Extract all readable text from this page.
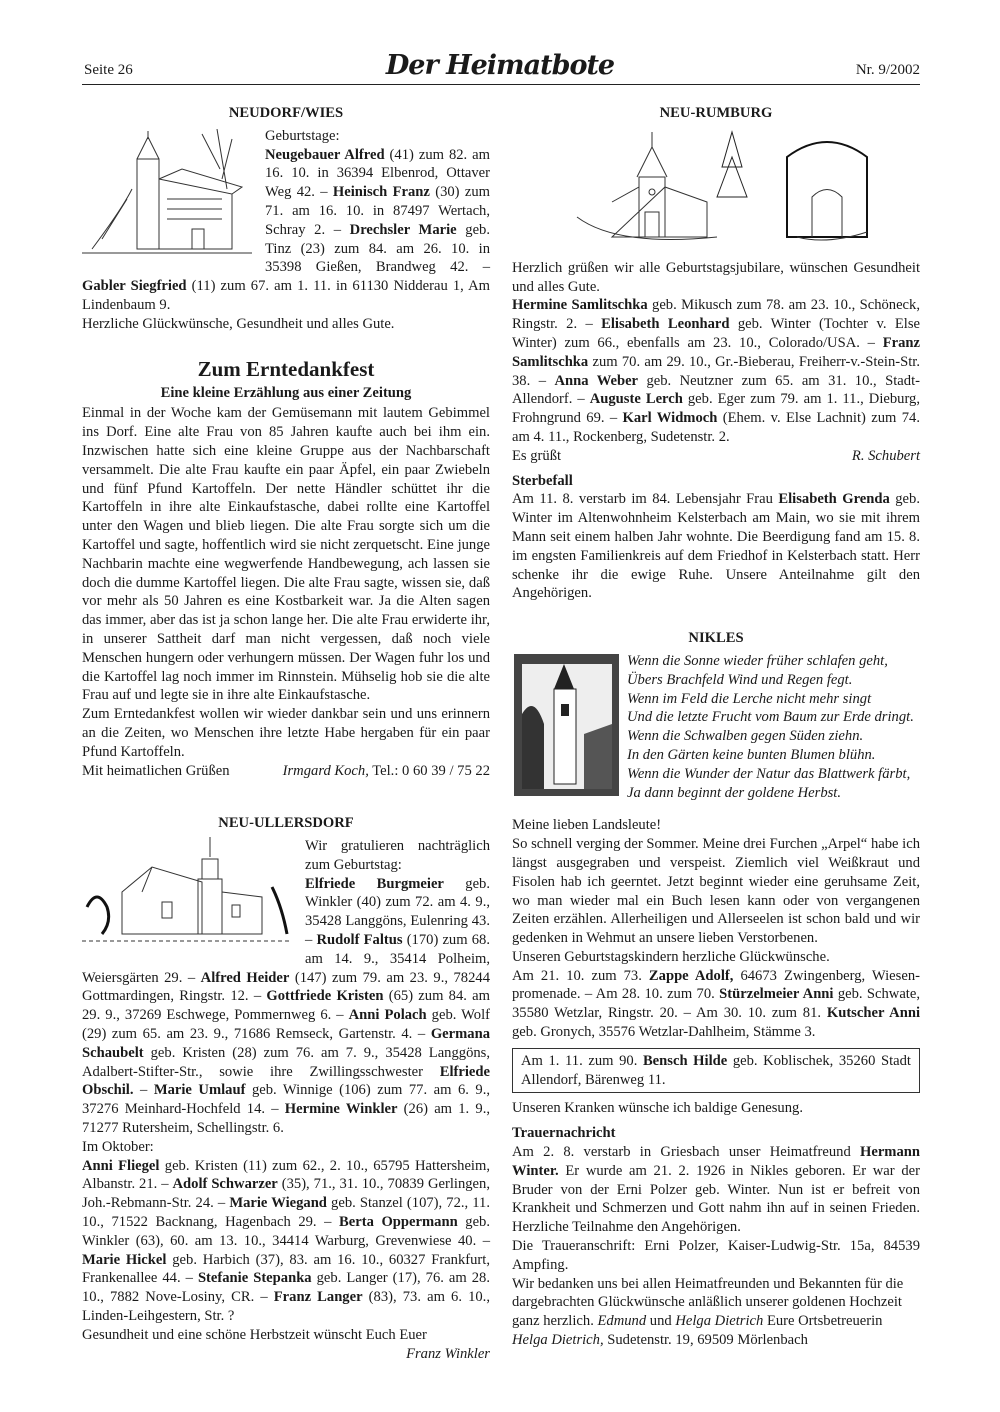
Seite 26	Der Heimatbote	Nr. 9/2002
NEUDORF/WIES

Geburtstage:

Neugebauer Alfred (41) zum 82. am 16. 10. in 36394 Elbenrod, Ottaver Weg 42. – Heinisch Franz (30) zum 71. am 16. 10. in 87497 Wertach, Schray 2. – Drechsler Marie geb. Tinz (23) zum 84. am 26. 10. in 35398 Gießen, Brandweg 42. – Gabler Siegfried (11) zum 67. am 1. 11. in 61130 Nidderau 1, Am Lindenbaum 9.

Herzliche Glückwünsche, Gesundheit und alles Gute.

Zum Erntedankfest
Eine kleine Erzählung aus einer Zeitung

Einmal in der Woche kam der Gemüsemann mit lautem Gebimmel ins Dorf. Eine alte Frau von 85 Jahren kaufte auch bei ihm ein. Inzwischen hatte sich eine kleine Gruppe aus der Nachbarschaft versammelt. Die alte Frau kaufte ein paar Äpfel, ein paar Zwiebeln und fünf Pfund Kartoffeln. Der nette Händler schüttet ihr die Kartoffeln in ihre alte Einkaufstasche, dabei rollte eine Kartoffel unter den Wagen und blieb liegen. Die alte Frau sorgte sich um die Kartoffel und sagte, hoffentlich wird sie nicht zerquetscht. Eine junge Nachbarin machte eine wegwerfende Handbewegung, ach lassen sie doch die dumme Kartoffel liegen. Die alte Frau sagte, wissen sie, daß vor mehr als 50 Jahren es eine Kostbarkeit war. Ja die Alten sagen das immer, aber das ist ja schon lange her. Die alte Frau erwiderte ihr, in unserer Sattheit darf man nicht vergessen, daß noch viele Menschen hungern oder verhungern müssen. Der Wagen fuhr los und die Kartoffel lag noch immer im Rinnstein. Mühselig hob sie die alte Frau auf und legte sie in ihre alte Einkaufstasche.

Zum Erntedankfest wollen wir wieder dankbar sein und uns erinnern an die Zeiten, wo Menschen ihre letzte Habe hergaben für ein paar Pfund Kartoffeln.

Mit heimatlichen Grüßen	Irmgard Koch, Tel.: 0 60 39 / 75 22
NEU-ULLERSDORF

Wir gratulieren nachträglich zum Geburtstag:

Elfriede Burgmeier geb. Winkler (40) zum 72. am 4. 9., 35428 Langgöns, Eulenring 43. – Rudolf Faltus (170) zum 68. am 14. 9., 35414 Polheim, Weiersgärten 29. – Alfred Heider (147) zum 79. am 23. 9., 78244 Gottmardingen, Ringstr. 12. – Gottfriede Kristen (65) zum 84. am 29. 9., 37269 Eschwege, Pommernweg 6. – Anni Polach geb. Wolf (29) zum 65. am 23. 9., 71686 Remseck, Gartenstr. 4. – Germana Schaubelt geb. Kristen (28) zum 76. am 7. 9., 35428 Langgöns, Adalbert-Stifter-Str., sowie ihre Zwillingsschwester Elfriede Obschil. – Marie Umlauf geb. Winnige (106) zum 77. am 6. 9., 37276 Meinhard-Hochfeld 14. – Hermine Winkler (26) am 1. 9., 71277 Rutersheim, Schellingstr. 6.

Im Oktober:

Anni Fliegel geb. Kristen (11) zum 62., 2. 10., 65795 Hattersheim, Albanstr. 21. – Adolf Schwarzer (35), 71., 31. 10., 70839 Gerlingen, Joh.-Rebmann-Str. 24. – Marie Wiegand geb. Stanzel (107), 72., 11. 10., 71522 Backnang, Hagenbach 29. – Berta Oppermann geb. Winkler (63), 60. am 13. 10., 34414 Warburg, Grevenwiese 40. – Marie Hickel geb. Harbich (37), 83. am 16. 10., 60327 Frankfurt, Frankenallee 44. – Stefanie Stepanka geb. Langer (17), 76. am 28. 10., 7882 Nove-Losiny, CR. – Franz Langer (83), 73. am 6. 10., Linden-Leihgestern, Str. ?

Gesundheit und eine schöne Herbstzeit wünscht Euch Euer

Franz Winkler

NEU-RUMBURG

Herzlich grüßen wir alle Geburtstagsjubilare, wünschen Gesundheit und alles Gute.

Hermine Samlitschka geb. Mikusch zum 78. am 23. 10., Schöneck, Ringstr. 2. – Elisabeth Leonhard geb. Winter (Tochter v. Else Winter) zum 66., ebenfalls am 23. 10., Colorado/USA. – Franz Samlitschka zum 70. am 29. 10., Gr.-Bieberau, Freiherr-v.-Stein-Str. 38. – Anna Weber geb. Neutzner zum 65. am 31. 10., Stadt-Allendorf. – Auguste Lerch geb. Eger zum 79. am 1. 11., Dieburg, Frohngrund 69. – Karl Widmoch (Ehem. v. Else Lachnit) zum 74. am 4. 11., Rockenberg, Sudetenstr. 2.

Es grüßt	R. Schubert
Sterbefall

Am 11. 8. verstarb im 84. Lebensjahr Frau Elisabeth Grenda geb. Winter im Altenwohnheim Kelsterbach am Main, wo sie mit ihrem Mann seit einem halben Jahr wohnte. Die Beerdigung fand am 15. 8. im engsten Familienkreis auf dem Friedhof in Kelsterbach statt. Herr schenke ihr die ewige Ruhe. Unsere Anteilnahme gilt den Angehörigen.

NIKLES
Wenn die Sonne wieder früher schlafen geht,
Übers Brachfeld Wind und Regen fegt.
Wenn im Feld die Lerche nicht mehr singt
Und die letzte Frucht vom Baum zur Erde dringt.
Wenn die Schwalben gegen Süden ziehn.
In den Gärten keine bunten Blumen blühn.
Wenn die Wunder der Natur das Blattwerk färbt,
Ja dann beginnt der goldene Herbst.

Meine lieben Landsleute!

So schnell verging der Sommer. Meine drei Furchen „Arpel“ habe ich längst ausgegraben und verspeist. Ziemlich viel Weißkraut und Fisolen hab ich geerntet. Jetzt beginnt wieder eine geruhsame Zeit, wo man wieder mal ein Buch lesen kann oder von vergangenen Zeiten erzählen. Allerheiligen und Allerseelen ist schon bald und wir gedenken in Wehmut an unsere lieben Verstorbenen.

Unseren Geburtstagskindern herzliche Glückwünsche.

Am 21. 10. zum 73. Zappe Adolf, 64673 Zwingenberg, Wiesenpromenade. – Am 28. 10. zum 70. Stürzelmeier Anni geb. Schwate, 35580 Wetzlar, Ringstr. 20. – Am 30. 10. zum 81. Kutscher Anni geb. Gronych, 35576 Wetzlar-Dahlheim, Stämme 3.

Am 1. 11. zum 90. Bensch Hilde geb. Koblischek, 35260 Stadt Allendorf, Bärenweg 11.

Unseren Kranken wünsche ich baldige Genesung.

Trauernachricht

Am 2. 8. verstarb in Griesbach unser Heimatfreund Hermann Winter. Er wurde am 21. 2. 1926 in Nikles geboren. Er war der Bruder von der Erni Polzer geb. Winter. Nun ist er befreit von Krankheit und Schmerzen und Gott nahm ihn auf in seinen Frieden. Herzliche Teilnahme den Angehörigen.

Die Traueranschrift: Erni Polzer, Kaiser-Ludwig-Str. 15a, 84539 Ampfing.

Wir bedanken uns bei allen Heimatfreunden und Bekannten für die dargebrachten Glückwünsche anläßlich unserer goldenen Hochzeit ganz herzlich. Edmund und Helga Dietrich Eure Ortsbetreuerin Helga Dietrich, Sudetenstr. 19, 69509 Mörlenbach
